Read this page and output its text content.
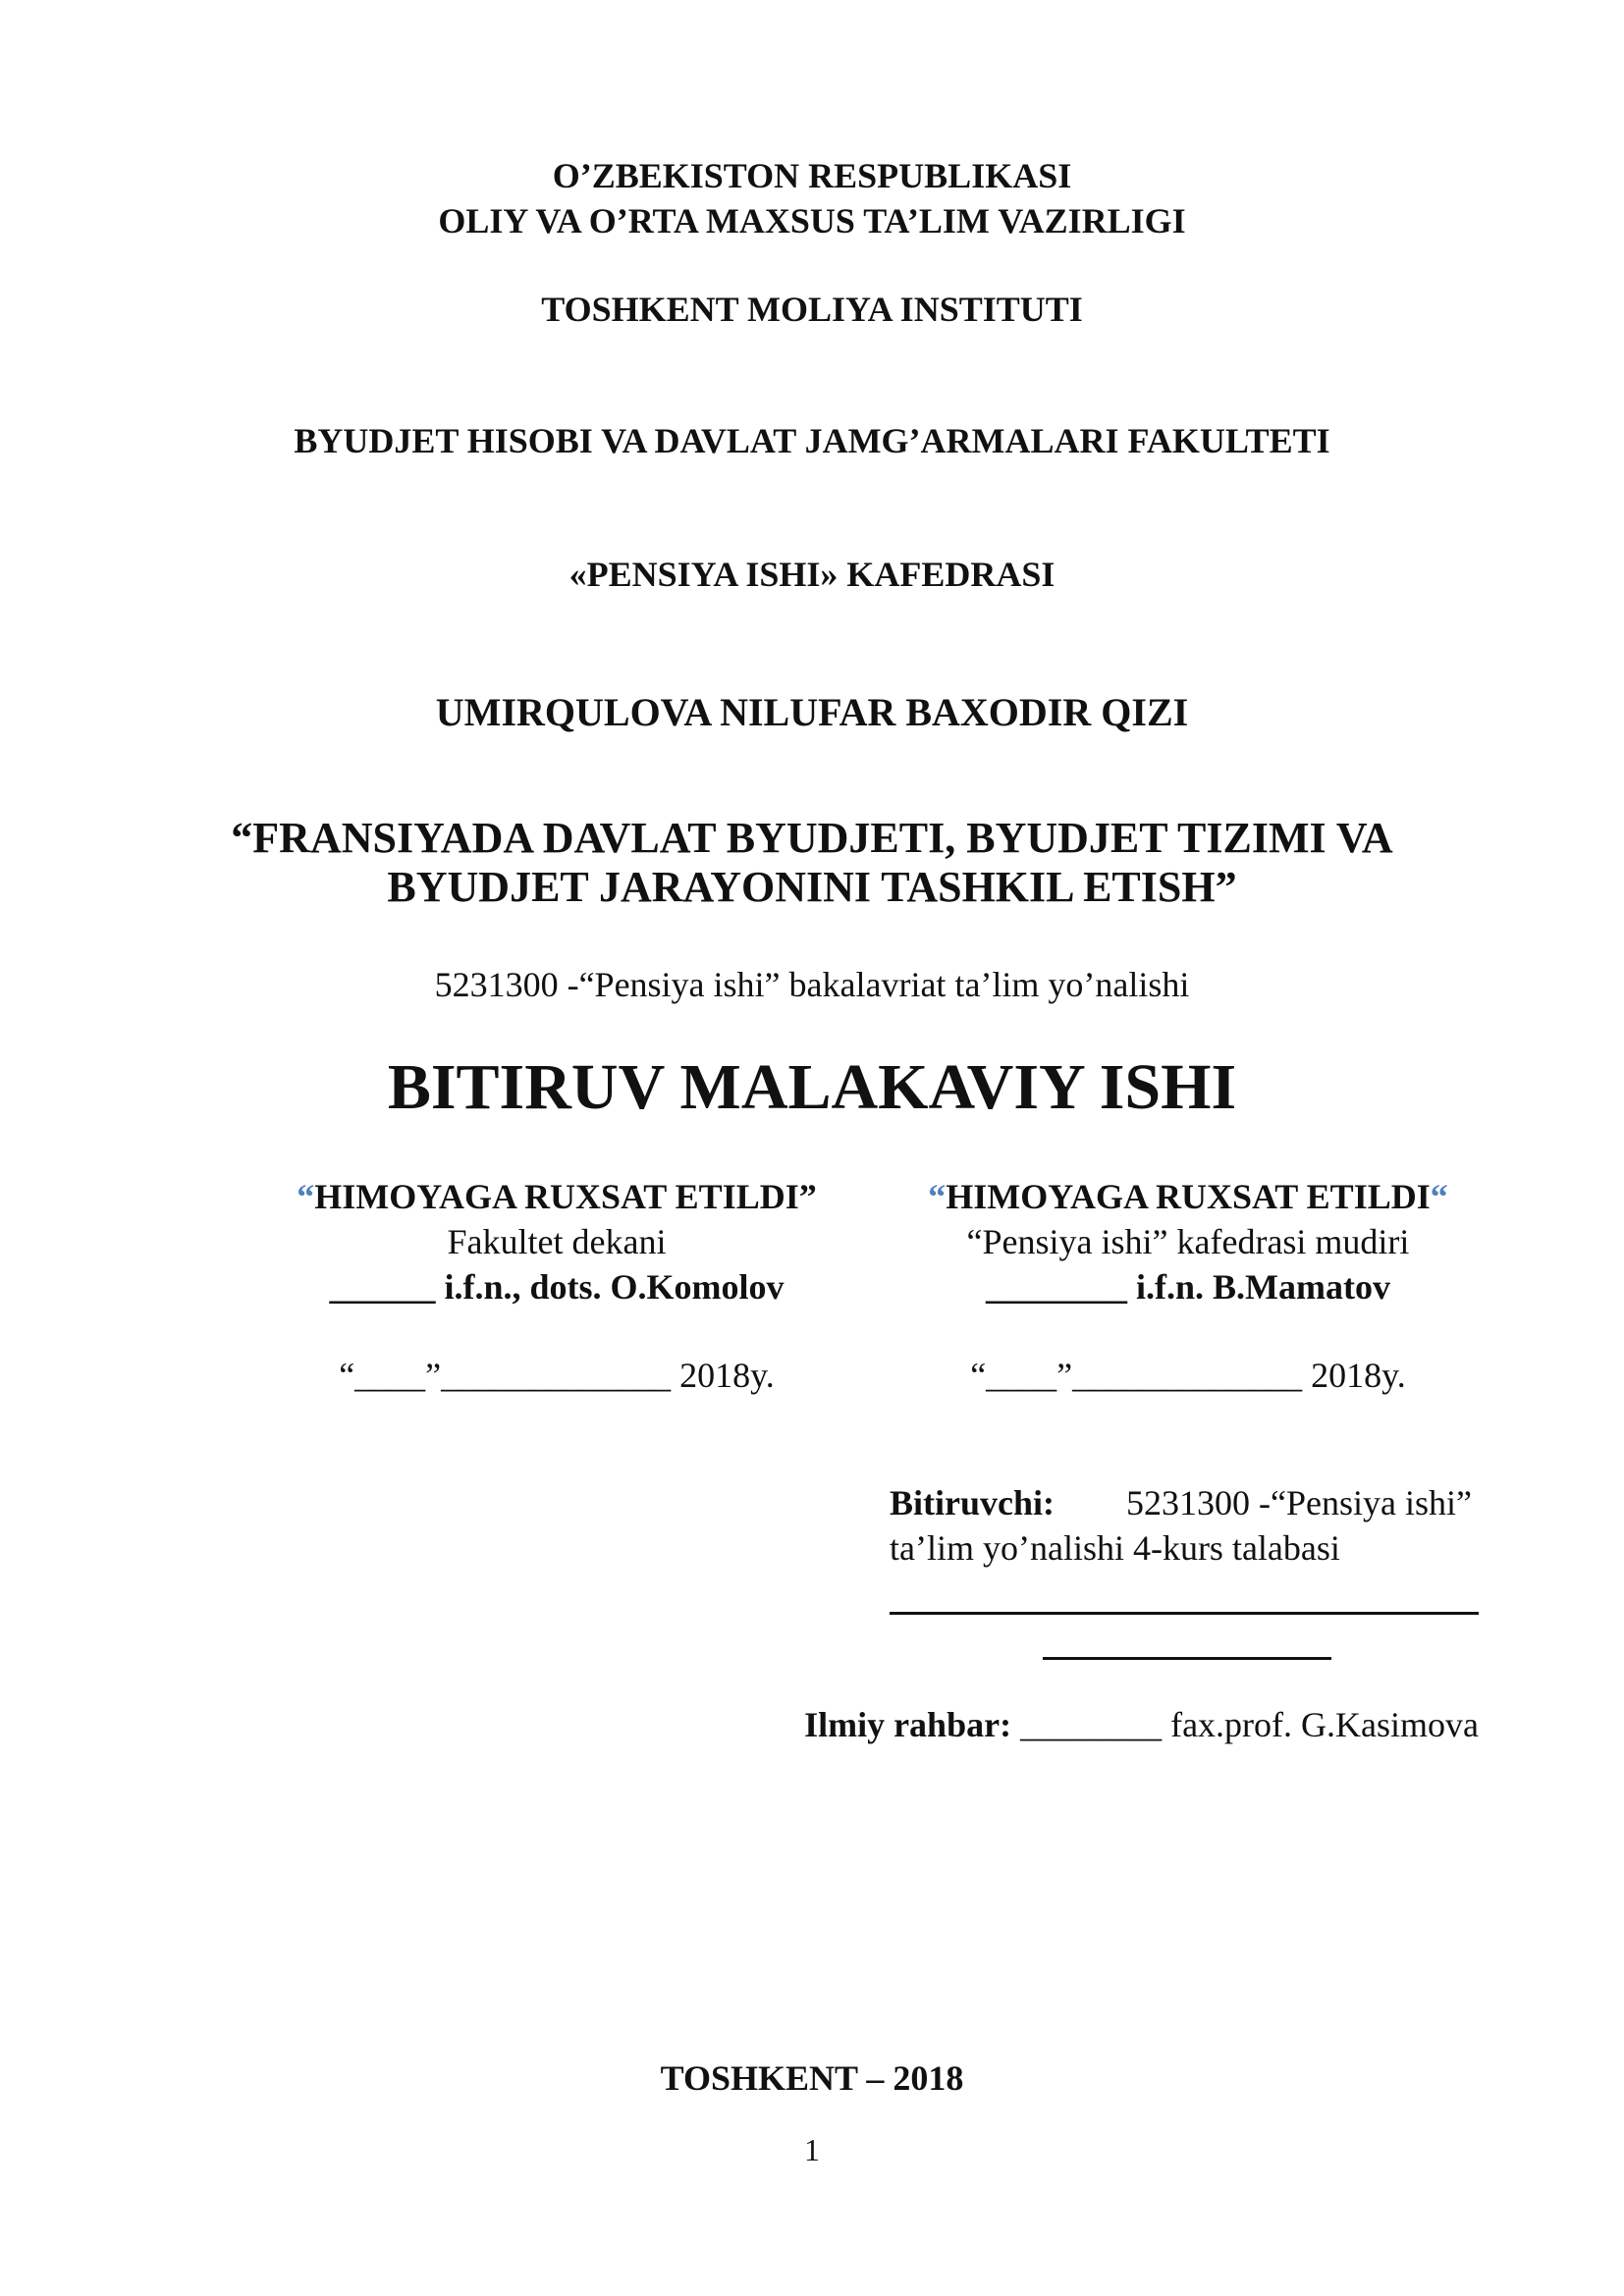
O’ZBEKISTON RESPUBLIKASI
OLIY VA O’RTA MAXSUS TA’LIM VAZIRLIGI
TOSHKENT MOLIYA INSTITUTI
BYUDJET HISOBI VA DAVLAT JAMG’ARMALARI FAKULTETI
«PENSIYA ISHI» KAFEDRASI
UMIRQULOVA NILUFAR BAXODIR QIZI
“FRANSIYADA DAVLAT BYUDJETI, BYUDJET TIZIMI VA
BYUDJET JARAYONINI TASHKIL ETISH”
5231300 -“Pensiya ishi” bakalavriat ta’lim yo’nalishi
BITIRUV MALAKAVIY ISHI
“HIMOYAGA RUXSAT ETILDI”
Fakultet dekani
______ i.f.n., dots. O.Komolov
“____”_____________ 2018y.
“HIMOYAGA RUXSAT ETILDI“
“Pensiya ishi” kafedrasi mudiri
________ i.f.n. B.Mamatov
“____”_____________ 2018y.
Bitiruvchi: 5231300 -“Pensiya ishi”
ta’lim yo’nalishi 4-kurs talabasi
Ilmiy rahbar: ________ fax.prof. G.Kasimova
TOSHKENT – 2018
1
